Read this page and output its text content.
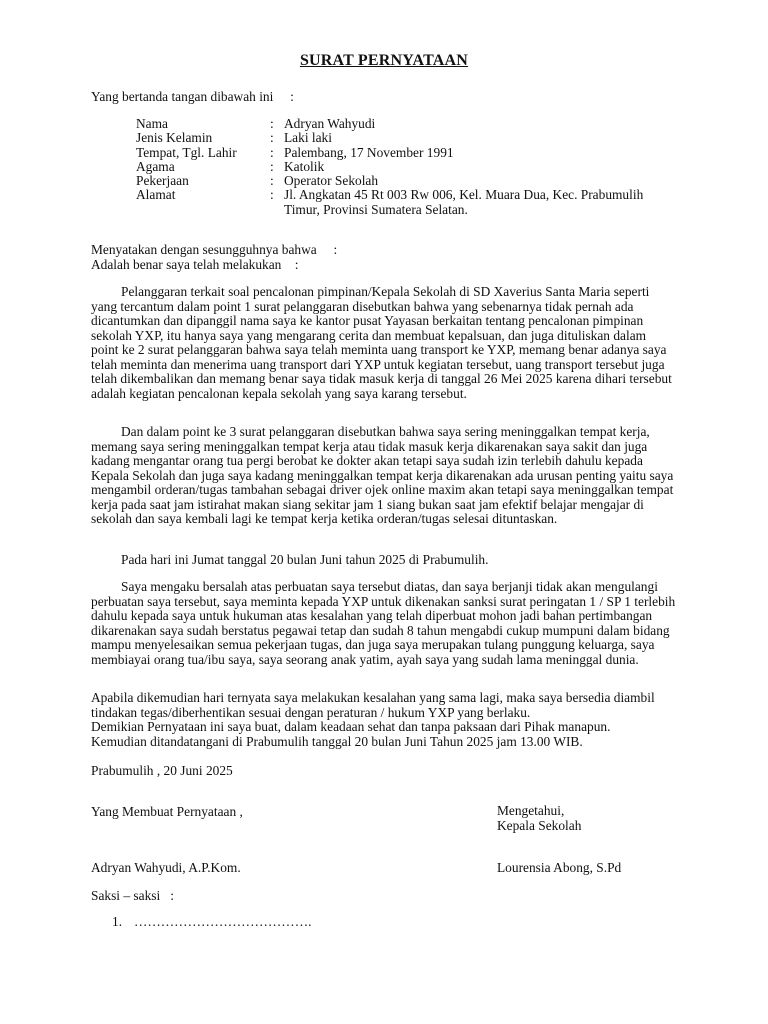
SURAT PERNYATAAN
Yang bertanda tangan dibawah ini     :
Nama	: Adryan Wahyudi
Jenis Kelamin	: Laki laki
Tempat, Tgl. Lahir	: Palembang, 17 November 1991
Agama	: Katolik
Pekerjaan	: Operator Sekolah
Alamat	: Jl. Angkatan 45 Rt 003 Rw 006, Kel. Muara Dua, Kec. Prabumulih Timur, Provinsi Sumatera Selatan.
Menyatakan dengan sesungguhnya bahwa     :
Adalah benar saya telah melakukan    :
Pelanggaran terkait soal pencalonan pimpinan/Kepala Sekolah di SD Xaverius Santa Maria seperti yang tercantum dalam point 1 surat pelanggaran disebutkan bahwa yang sebenarnya tidak pernah ada dicantumkan dan dipanggil nama saya ke kantor pusat Yayasan berkaitan tentang pencalonan pimpinan sekolah YXP, itu hanya saya yang mengarang cerita dan membuat kepalsuan, dan juga dituliskan dalam point ke 2 surat pelanggaran bahwa saya telah meminta uang transport ke YXP, memang benar adanya saya telah meminta dan menerima uang transport dari YXP untuk kegiatan tersebut, uang transport tersebut juga telah dikembalikan dan memang benar saya tidak masuk kerja di tanggal 26 Mei 2025 karena dihari tersebut adalah kegiatan pencalonan kepala sekolah yang saya karang tersebut.
Dan dalam point ke 3 surat pelanggaran disebutkan bahwa saya sering meninggalkan tempat kerja, memang saya sering meninggalkan tempat kerja atau tidak masuk kerja dikarenakan saya sakit dan juga kadang mengantar orang tua pergi berobat ke dokter akan tetapi saya sudah izin terlebih dahulu kepada Kepala Sekolah dan juga saya kadang meninggalkan tempat kerja dikarenakan ada urusan penting yaitu saya mengambil orderan/tugas tambahan sebagai driver ojek online maxim akan tetapi saya meninggalkan tempat kerja pada saat jam istirahat makan siang sekitar jam 1 siang bukan saat jam efektif belajar mengajar di sekolah dan saya kembali lagi ke tempat kerja ketika orderan/tugas selesai dituntaskan.
Pada hari ini Jumat tanggal 20 bulan Juni tahun 2025 di Prabumulih.
Saya mengaku bersalah atas perbuatan saya tersebut diatas, dan saya berjanji tidak akan mengulangi perbuatan saya tersebut, saya meminta kepada YXP untuk dikenakan sanksi surat peringatan 1 / SP 1 terlebih dahulu kepada saya untuk hukuman atas kesalahan yang telah diperbuat mohon jadi bahan pertimbangan dikarenakan saya sudah berstatus pegawai tetap dan sudah 8 tahun mengabdi cukup mumpuni dalam bidang mampu menyelesaikan semua pekerjaan tugas, dan juga saya merupakan tulang punggung keluarga, saya membiayai orang tua/ibu saya, saya seorang anak yatim, ayah saya yang sudah lama meninggal dunia.
Apabila dikemudian hari ternyata saya melakukan kesalahan yang sama lagi, maka saya bersedia diambil tindakan tegas/diberhentikan sesuai dengan peraturan / hukum YXP yang berlaku.
Demikian Pernyataan ini saya buat, dalam keadaan sehat dan tanpa paksaan dari Pihak manapun.
Kemudian ditandatangani di Prabumulih tanggal 20 bulan Juni Tahun 2025 jam 13.00 WIB.
Prabumulih , 20 Juni 2025
Yang Membuat Pernyataan ,	Mengetahui,
Kepala Sekolah
Adryan Wahyudi, A.P.Kom.	Lourensia Abong, S.Pd
Saksi – saksi   :
1. ………………………………….
